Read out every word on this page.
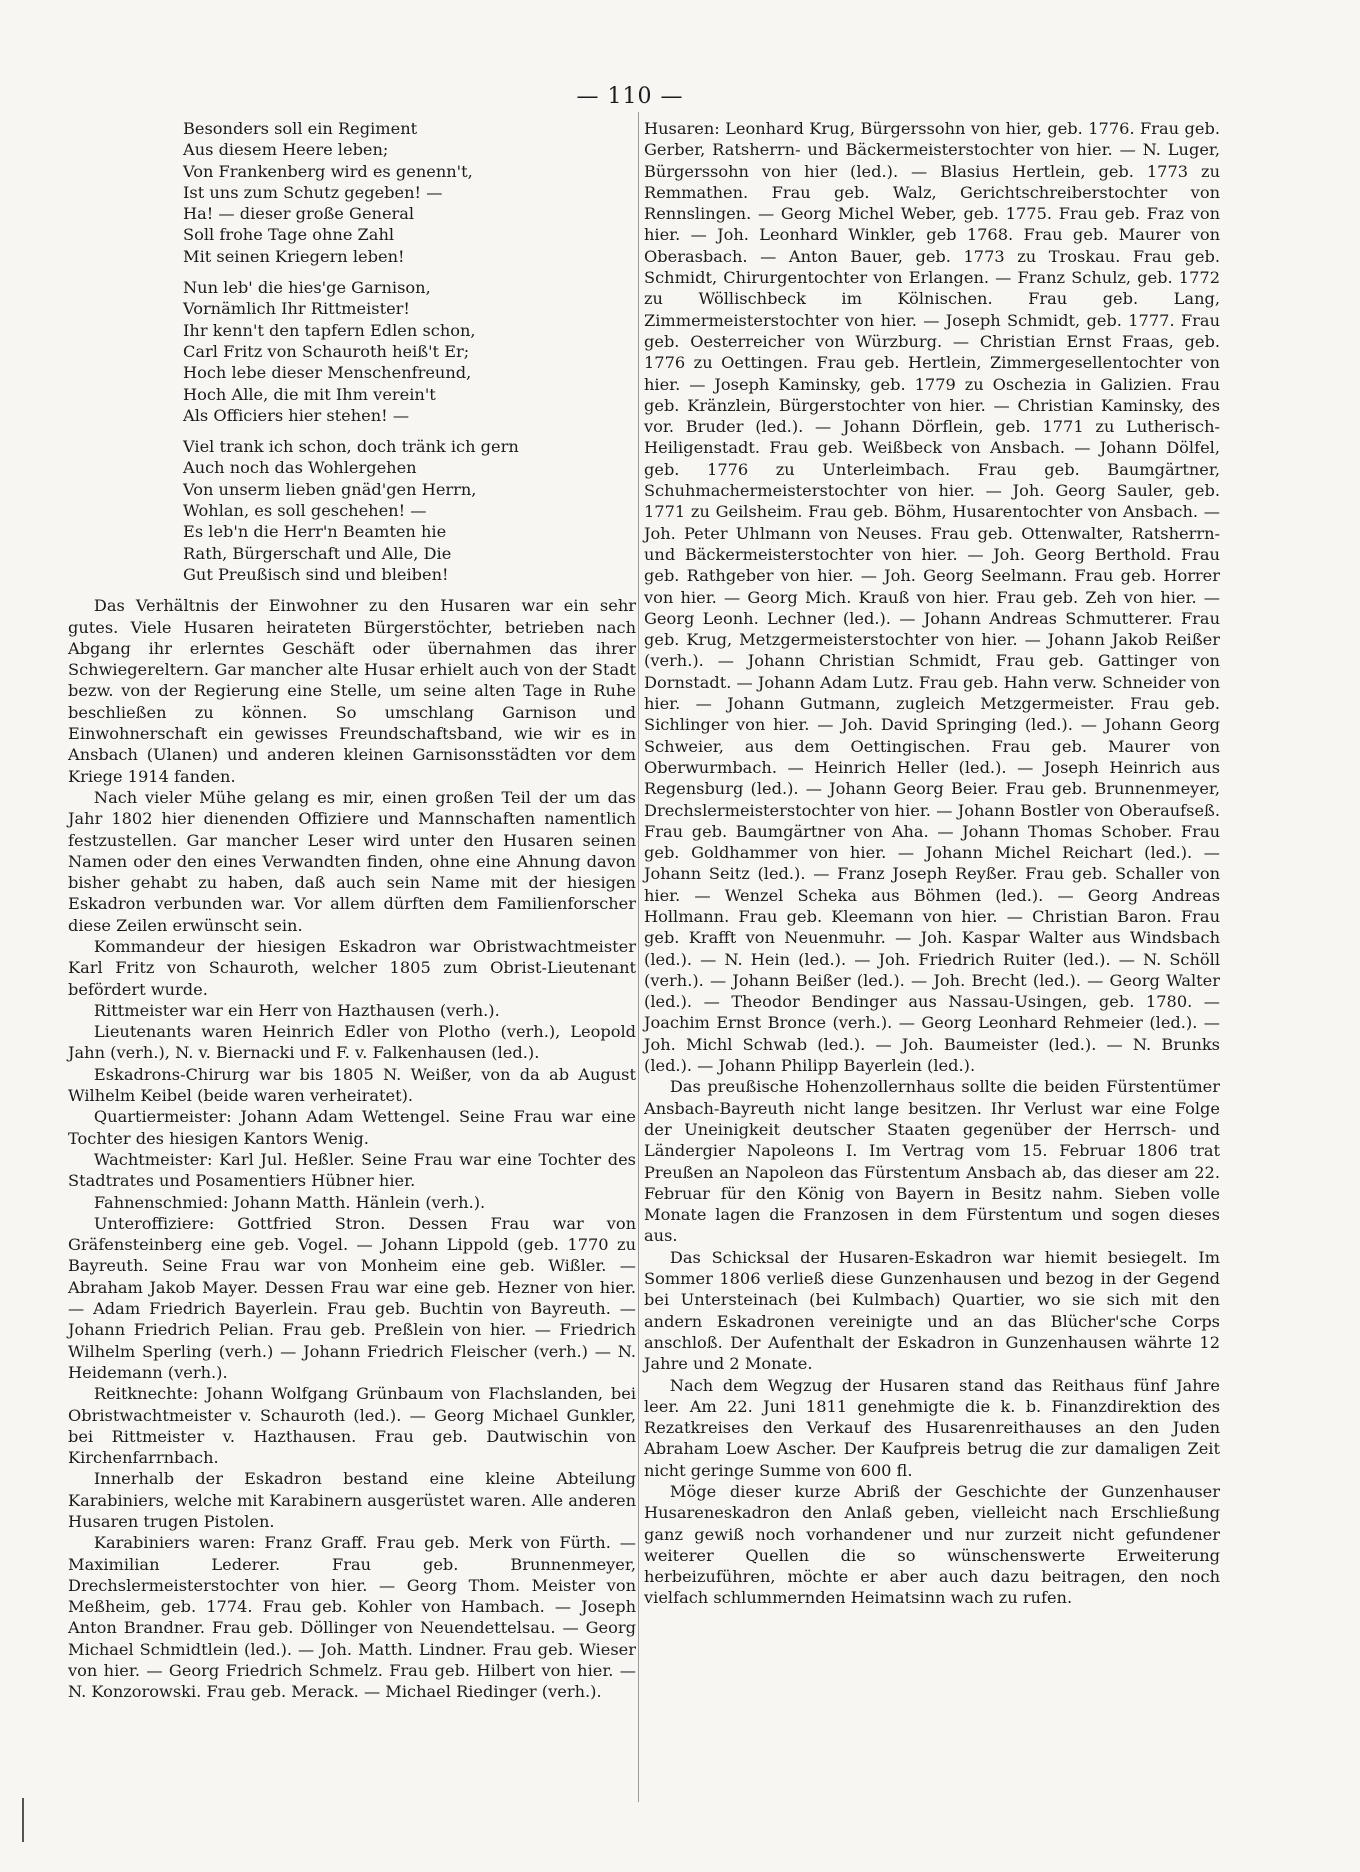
— 110 —
Besonders soll ein Regiment
Aus diesem Heere leben;
Von Frankenberg wird es genenn't,
Ist uns zum Schutz gegeben! —
Ha! — dieser große General
Soll frohe Tage ohne Zahl
Mit seinen Kriegern leben!
Nun leb' die hies'ge Garnison,
Vornämlich Ihr Rittmeister!
Ihr kenn't den tapfern Edlen schon,
Carl Fritz von Schauroth heiß't Er;
Hoch lebe dieser Menschenfreund,
Hoch Alle, die mit Ihm verein't
Als Officiers hier stehen! —
Viel trank ich schon, doch tränk ich gern
Auch noch das Wohlergehen
Von unserm lieben gnäd'gen Herrn,
Wohlan, es soll geschehen! —
Es leb'n die Herr'n Beamten hie
Rath, Bürgerschaft und Alle, Die
Gut Preußisch sind und bleiben!

Das Verhältnis der Einwohner zu den Husaren war ein sehr gutes. Viele Husaren heirateten Bürgerstöchter, betrieben nach Abgang ihr erlerntes Geschäft oder übernahmen das ihrer Schwiegereltern. Gar mancher alte Husar erhielt auch von der Stadt bezw. von der Regierung eine Stelle, um seine alten Tage in Ruhe beschließen zu können. So umschlang Garnison und Einwohnerschaft ein gewisses Freundschaftsband, wie wir es in Ansbach (Ulanen) und anderen kleinen Garnisonsstädten vor dem Kriege 1914 fanden.

Nach vieler Mühe gelang es mir, einen großen Teil der um das Jahr 1802 hier dienenden Offiziere und Mannschaften namentlich festzustellen. Gar mancher Leser wird unter den Husaren seinen Namen oder den eines Verwandten finden, ohne eine Ahnung davon bisher gehabt zu haben, daß auch sein Name mit der hiesigen Eskadron verbunden war. Vor allem dürften dem Familienforscher diese Zeilen erwünscht sein.

Kommandeur der hiesigen Eskadron war Obristwachtmeister Karl Fritz von Schauroth, welcher 1805 zum Obrist-Lieutenant befördert wurde.

Rittmeister war ein Herr von Hazthausen (verh.).

Lieutenants waren Heinrich Edler von Plotho (verh.), Leopold Jahn (verh.), N. v. Biernacki und F. v. Falkenhausen (led.).

Eskadrons-Chirurg war bis 1805 N. Weißer, von da ab August Wilhelm Keibel (beide waren verheiratet).

Quartiermeister: Johann Adam Wettengel. Seine Frau war eine Tochter des hiesigen Kantors Wenig.

Wachtmeister: Karl Jul. Heßler. Seine Frau war eine Tochter des Stadtrates und Posamentiers Hübner hier.

Fahnenschmied: Johann Matth. Hänlein (verh.).

Unteroffiziere: Gottfried Stron. Dessen Frau war von Gräfensteinberg eine geb. Vogel. — Johann Lippold (geb. 1770 zu Bayreuth. Seine Frau war von Monheim eine geb. Wißler. — Abraham Jakob Mayer. Dessen Frau war eine geb. Hezner von hier. — Adam Friedrich Bayerlein. Frau geb. Buchtin von Bayreuth. — Johann Friedrich Pelian. Frau geb. Preßlein von hier. — Friedrich Wilhelm Sperling (verh.) — Johann Friedrich Fleischer (verh.) — N. Heidemann (verh.).

Reitknechte: Johann Wolfgang Grünbaum von Flachslanden, bei Obristwachtmeister v. Schauroth (led.). — Georg Michael Gunkler, bei Rittmeister v. Hazthausen. Frau geb. Dautwischin von Kirchenfarrnbach.

Innerhalb der Eskadron bestand eine kleine Abteilung Karabiniers, welche mit Karabinern ausgerüstet waren. Alle anderen Husaren trugen Pistolen.

Karabiniers waren: Franz Graff. Frau geb. Merk von Fürth. — Maximilian Lederer. Frau geb. Brunnenmeyer, Drechslermeisterstochter von hier. — Georg Thom. Meister von Meßheim, geb. 1774. Frau geb. Kohler von Hambach. — Joseph Anton Brandner. Frau geb. Döllinger von Neuendettelsau. — Georg Michael Schmidtlein (led.). — Joh. Matth. Lindner. Frau geb. Wieser von hier. — Georg Friedrich Schmelz. Frau geb. Hilbert von hier. — N. Konzorowski. Frau geb. Merack. — Michael Riedinger (verh.).

Husaren: Leonhard Krug, Bürgerssohn von hier, geb. 1776. Frau geb. Gerber, Ratsherrn- und Bäckermeisterstochter von hier. — N. Luger, Bürgerssohn von hier (led.). — Blasius Hertlein, geb. 1773 zu Remmathen. Frau geb. Walz, Gerichtschreiberstochter von Rennslingen. — Georg Michel Weber, geb. 1775. Frau geb. Fraz von hier. — Joh. Leonhard Winkler, geb 1768. Frau geb. Maurer von Oberasbach. — Anton Bauer, geb. 1773 zu Troskau. Frau geb. Schmidt, Chirurgentochter von Erlangen. — Franz Schulz, geb. 1772 zu Wöllischbeck im Kölnischen. Frau geb. Lang, Zimmermeisterstochter von hier. — Joseph Schmidt, geb. 1777. Frau geb. Oesterreicher von Würzburg. — Christian Ernst Fraas, geb. 1776 zu Oettingen. Frau geb. Hertlein, Zimmergesellentochter von hier. — Joseph Kaminsky, geb. 1779 zu Oschezia in Galizien. Frau geb. Kränzlein, Bürgerstochter von hier. — Christian Kaminsky, des vor. Bruder (led.). — Johann Dörflein, geb. 1771 zu Lutherisch-Heiligenstadt. Frau geb. Weißbeck von Ansbach. — Johann Dölfel, geb. 1776 zu Unterleimbach. Frau geb. Baumgärtner, Schuhmachermeisterstochter von hier. — Joh. Georg Sauler, geb. 1771 zu Geilsheim. Frau geb. Böhm, Husarentochter von Ansbach. — Joh. Peter Uhlmann von Neuses. Frau geb. Ottenwalter, Ratsherrn- und Bäckermeisterstochter von hier. — Joh. Georg Berthold. Frau geb. Rathgeber von hier. — Joh. Georg Seelmann. Frau geb. Horrer von hier. — Georg Mich. Krauß von hier. Frau geb. Zeh von hier. — Georg Leonh. Lechner (led.). — Johann Andreas Schmutterer. Frau geb. Krug, Metzgermeisterstochter von hier. — Johann Jakob Reißer (verh.). — Johann Christian Schmidt, Frau geb. Gattinger von Dornstadt. — Johann Adam Lutz. Frau geb. Hahn verw. Schneider von hier. — Johann Gutmann, zugleich Metzgermeister. Frau geb. Sichlinger von hier. — Joh. David Springing (led.). — Johann Georg Schweier, aus dem Oettingischen. Frau geb. Maurer von Oberwurmbach. — Heinrich Heller (led.). — Joseph Heinrich aus Regensburg (led.). — Johann Georg Beier. Frau geb. Brunnenmeyer, Drechslermeisterstochter von hier. — Johann Bostler von Oberaufseß. Frau geb. Baumgärtner von Aha. — Johann Thomas Schober. Frau geb. Goldhammer von hier. — Johann Michel Reichart (led.). — Johann Seitz (led.). — Franz Joseph Reyßer. Frau geb. Schaller von hier. — Wenzel Scheka aus Böhmen (led.). — Georg Andreas Hollmann. Frau geb. Kleemann von hier. — Christian Baron. Frau geb. Krafft von Neuenmuhr. — Joh. Kaspar Walter aus Windsbach (led.). — N. Hein (led.). — Joh. Friedrich Ruiter (led.). — N. Schöll (verh.). — Johann Beißer (led.). — Joh. Brecht (led.). — Georg Walter (led.). — Theodor Bendinger aus Nassau-Usingen, geb. 1780. — Joachim Ernst Bronce (verh.). — Georg Leonhard Rehmeier (led.). — Joh. Michl Schwab (led.). — Joh. Baumeister (led.). — N. Brunks (led.). — Johann Philipp Bayerlein (led.).

Das preußische Hohenzollernhaus sollte die beiden Fürstentümer Ansbach-Bayreuth nicht lange besitzen. Ihr Verlust war eine Folge der Uneinigkeit deutscher Staaten gegenüber der Herrsch- und Ländergier Napoleons I. Im Vertrag vom 15. Februar 1806 trat Preußen an Napoleon das Fürstentum Ansbach ab, das dieser am 22. Februar für den König von Bayern in Besitz nahm. Sieben volle Monate lagen die Franzosen in dem Fürstentum und sogen dieses aus.

Das Schicksal der Husaren-Eskadron war hiemit besiegelt. Im Sommer 1806 verließ diese Gunzenhausen und bezog in der Gegend bei Untersteinach (bei Kulmbach) Quartier, wo sie sich mit den andern Eskadronen vereinigte und an das Blücher'sche Corps anschloß. Der Aufenthalt der Eskadron in Gunzenhausen währte 12 Jahre und 2 Monate.

Nach dem Wegzug der Husaren stand das Reithaus fünf Jahre leer. Am 22. Juni 1811 genehmigte die k. b. Finanzdirektion des Rezatkreises den Verkauf des Husarenreithauses an den Juden Abraham Loew Ascher. Der Kaufpreis betrug die zur damaligen Zeit nicht geringe Summe von 600 fl.

Möge dieser kurze Abriß der Geschichte der Gunzenhauser Husareneskadron den Anlaß geben, vielleicht nach Erschließung ganz gewiß noch vorhandener und nur zurzeit nicht gefundener weiterer Quellen die so wünschenswerte Erweiterung herbeizuführen, möchte er aber auch dazu beitragen, den noch vielfach schlummernden Heimatsinn wach zu rufen.
